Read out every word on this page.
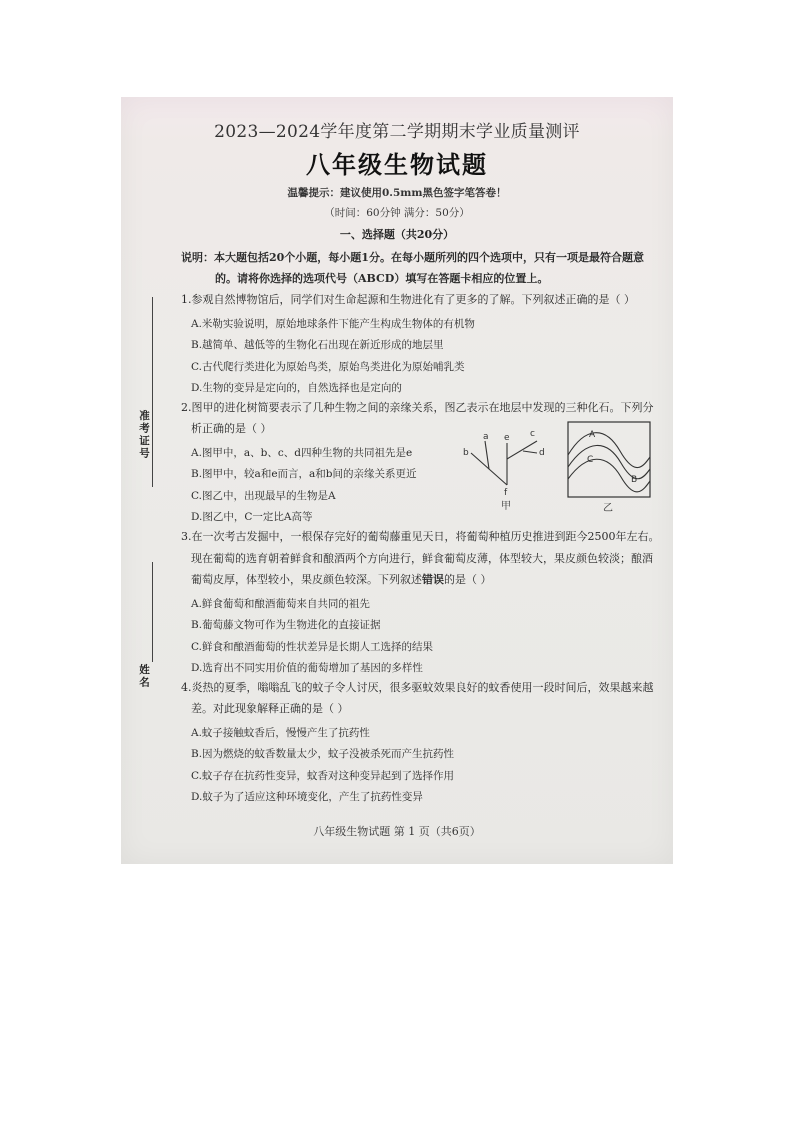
2023—2024学年度第二学期期末学业质量测评
八年级生物试题
温馨提示：建议使用0.5mm黑色签字笔答卷！
（时间：60分钟 满分：50分）
一、选择题（共20分）
说明：本大题包括20个小题，每小题1分。在每小题所列的四个选项中，只有一项是最符合题意
的。请将你选择的选项代号（ABCD）填写在答题卡相应的位置上。
准考证号
姓名
1.参观自然博物馆后，同学们对生命起源和生物进化有了更多的了解。下列叙述正确的是（ ）
A.米勒实验说明，原始地球条件下能产生构成生物体的有机物
B.越简单、越低等的生物化石出现在新近形成的地层里
C.古代爬行类进化为原始鸟类，原始鸟类进化为原始哺乳类
D.生物的变异是定向的，自然选择也是定向的
2.图甲的进化树简要表示了几种生物之间的亲缘关系，图乙表示在地层中发现的三种化石。下列分
析正确的是（ ）
A.图甲中，a、b、c、d四种生物的共同祖先是e
B.图甲中，较a和e而言，a和b间的亲缘关系更近
C.图乙中，出现最早的生物是A
D.图乙中，C一定比A高等
a
b
e c
d
f
甲
A
C
B
乙
3.在一次考古发掘中，一根保存完好的葡萄藤重见天日，将葡萄种植历史推进到距今2500年左右。
现在葡萄的选育朝着鲜食和酿酒两个方向进行，鲜食葡萄皮薄，体型较大，果皮颜色较淡；酿酒
葡萄皮厚，体型较小，果皮颜色较深。下列叙述错误的是（ ）
A.鲜食葡萄和酿酒葡萄来自共同的祖先
B.葡萄藤文物可作为生物进化的直接证据
C.鲜食和酿酒葡萄的性状差异是长期人工选择的结果
D.选育出不同实用价值的葡萄增加了基因的多样性
4.炎热的夏季，嗡嗡乱飞的蚊子令人讨厌，很多驱蚊效果良好的蚊香使用一段时间后，效果越来越
差。对此现象解释正确的是（ ）
A.蚊子接触蚊香后，慢慢产生了抗药性
B.因为燃烧的蚊香数量太少，蚊子没被杀死而产生抗药性
C.蚊子存在抗药性变异，蚊香对这种变异起到了选择作用
D.蚊子为了适应这种环境变化，产生了抗药性变异
八年级生物试题 第 1 页（共6页）
